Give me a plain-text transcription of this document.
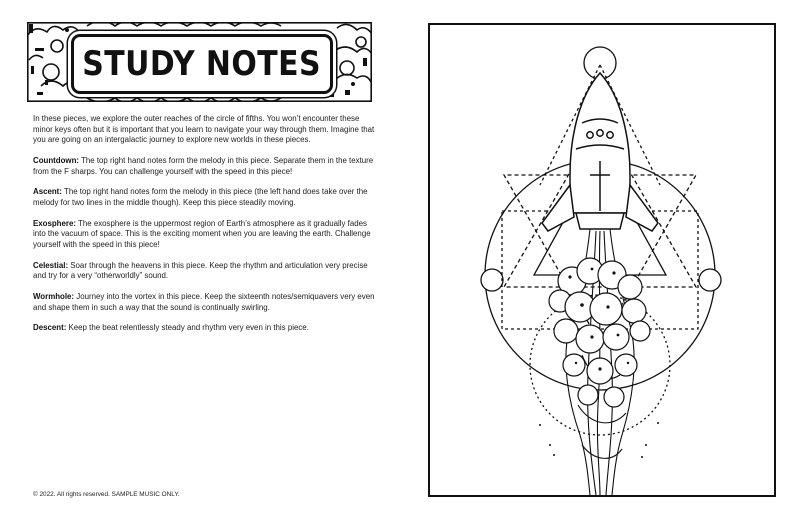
STUDY NOTES

In these pieces, we explore the outer reaches of the circle of fifths. You won’t encounter these minor keys often but it is important that you learn to navigate your way through them. Imagine that you are going on an intergalactic journey to explore new worlds in these pieces.

Countdown: The top right hand notes form the melody in this piece. Separate them in the texture from the F sharps. You can challenge yourself with the speed in this piece!

Ascent: The top right hand notes form the melody in this piece (the left hand does take over the melody for two lines in the middle though). Keep this piece steadily moving.

Exosphere: The exosphere is the uppermost region of Earth’s atmosphere as it gradually fades into the vacuum of space. This is the exciting moment when you are leaving the earth. Challenge yourself with the speed in this piece!

Celestial: Soar through the heavens in this piece. Keep the rhythm and articulation very precise and try for a very “otherworldly” sound.

Wormhole: Journey into the vortex in this piece. Keep the sixteenth notes/semiquavers very even and shape them in such a way that the sound is continually swirling.

Descent: Keep the beat relentlessly steady and rhythm very even in this piece.

© 2022. All rights reserved. SAMPLE MUSIC ONLY.
